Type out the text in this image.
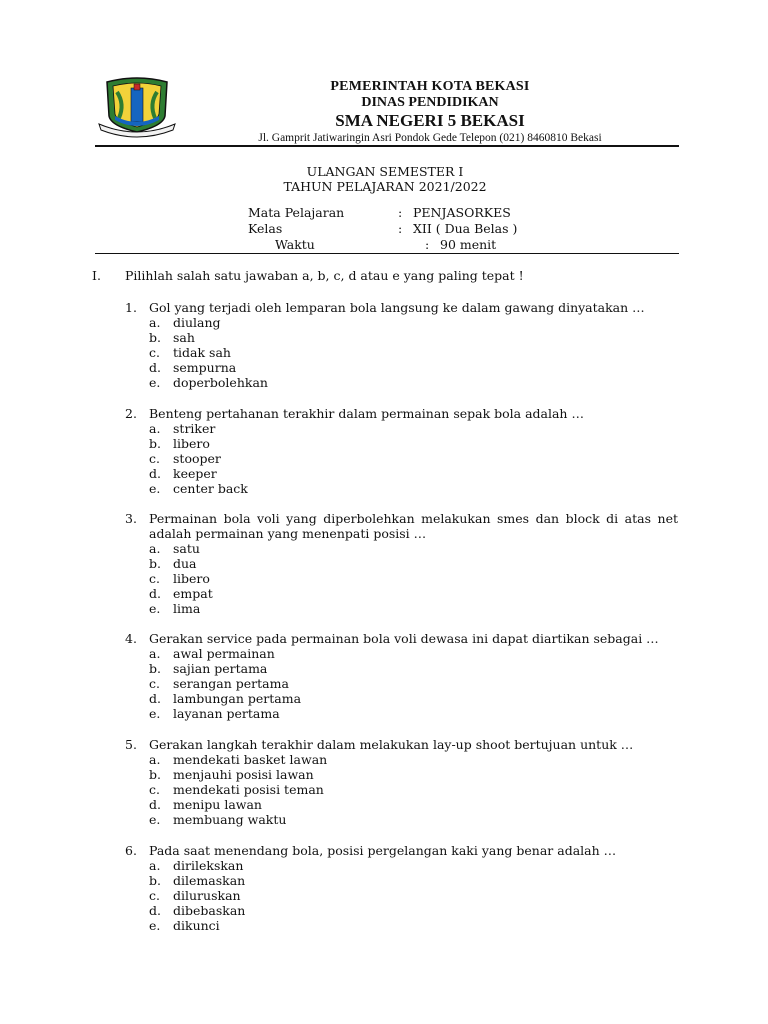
PEMERINTAH KOTA BEKASI
DINAS PENDIDIKAN
SMA NEGERI 5 BEKASI
Jl. Gamprit Jatiwaringin Asri Pondok Gede Telepon (021) 8460810 Bekasi
ULANGAN SEMESTER I
TAHUN PELAJARAN 2021/2022
Mata Pelajaran	: PENJASORKES
Kelas	: XII ( Dua Belas )
Waktu	: 90 menit
I. Pilihlah salah satu jawaban a, b, c, d atau e yang paling tepat !
1. Gol yang terjadi oleh lemparan bola langsung ke dalam gawang dinyatakan …
a. diulang
b. sah
c. tidak sah
d. sempurna
e. doperbolehkan
2. Benteng pertahanan terakhir dalam permainan sepak bola adalah …
a. striker
b. libero
c. stooper
d. keeper
e. center back
3. Permainan bola voli yang diperbolehkan melakukan smes dan block di atas net adalah permainan yang menenpati posisi …
a. satu
b. dua
c. libero
d. empat
e. lima
4. Gerakan service pada permainan bola voli dewasa ini dapat diartikan sebagai …
a. awal permainan
b. sajian pertama
c. serangan pertama
d. lambungan pertama
e. layanan pertama
5. Gerakan langkah terakhir dalam melakukan lay-up shoot bertujuan untuk …
a. mendekati basket lawan
b. menjauhi posisi lawan
c. mendekati posisi teman
d. menipu lawan
e. membuang waktu
6. Pada saat menendang bola, posisi pergelangan kaki yang benar adalah …
a. dirilekskan
b. dilemaskan
c. diluruskan
d. dibebaskan
e. dikunci
